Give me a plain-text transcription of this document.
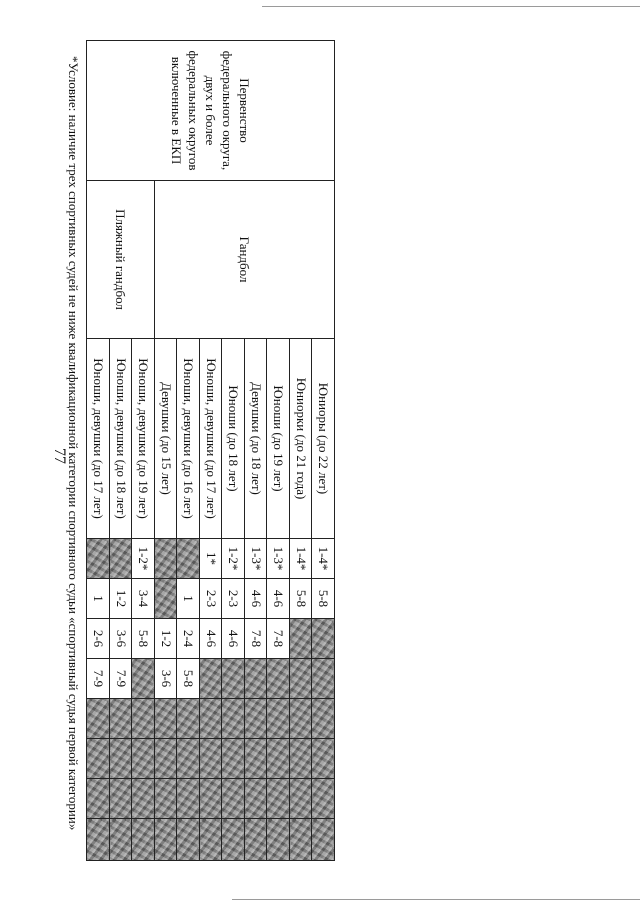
77
Первенство федерального округа, двух и более федеральных округов включенные в ЕКП	Гандбол	Юниоры (до 22 лет)	1-4*	5-8						
		Юниорки (до 21 года)	1-4*	5-8						
		Юноши (до 19 лет)	1-3*	4-6	7-8					
		Девушки (до 18 лет)	1-3*	4-6	7-8					
		Юноши (до 18 лет)	1-2*	2-3	4-6					
		Юноши, девушки (до 17 лет)	1*	2-3	4-6					
		Юноши, девушки (до 16 лет)		1	2-4	5-8				
		Девушки (до 15 лет)			1-2	3-6				
	Пляжный гандбол	Юноши, девушки (до 19 лет)	1-2*	3-4	5-8					
		Юноши, девушки (до 18 лет)		1-2	3-6	7-9				
		Юноши, девушки (до 17 лет)		1	2-6	7-9				
*Условие: наличие трех спортивных судей не ниже квалификационной категории спортивного судьи «спортивный судья первой категории»
